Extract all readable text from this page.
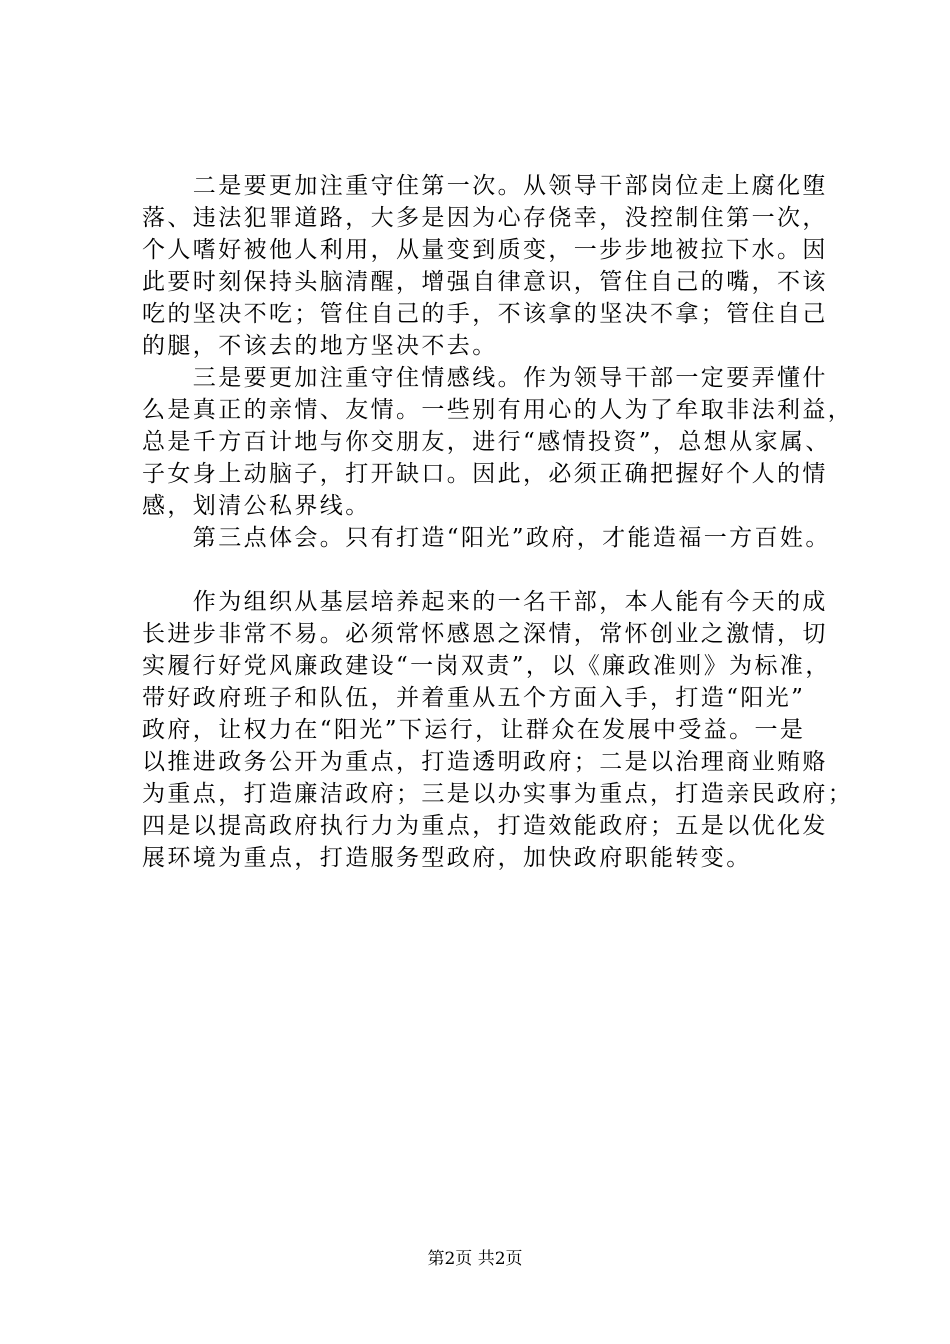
　　二是要更加注重守住第一次。从领导干部岗位走上腐化堕
落、违法犯罪道路，大多是因为心存侥幸，没控制住第一次，
个人嗜好被他人利用，从量变到质变，一步步地被拉下水。因
此要时刻保持头脑清醒，增强自律意识，管住自己的嘴，不该
吃的坚决不吃；管住自己的手，不该拿的坚决不拿；管住自己
的腿，不该去的地方坚决不去。

　　三是要更加注重守住情感线。作为领导干部一定要弄懂什
么是真正的亲情、友情。一些别有用心的人为了牟取非法利益，
总是千方百计地与你交朋友，进行“感情投资”，总想从家属、
子女身上动脑子，打开缺口。因此，必须正确把握好个人的情
感，划清公私界线。

　　第三点体会。只有打造“阳光”政府，才能造福一方百姓。

　　作为组织从基层培养起来的一名干部，本人能有今天的成
长进步非常不易。必须常怀感恩之深情，常怀创业之激情，切
实履行好党风廉政建设“一岗双责”，以《廉政准则》为标准，
带好政府班子和队伍，并着重从五个方面入手，打造“阳光”
政府，让权力在“阳光”下运行，让群众在发展中受益。一是
以推进政务公开为重点，打造透明政府；二是以治理商业贿赂
为重点，打造廉洁政府；三是以办实事为重点，打造亲民政府；
四是以提高政府执行力为重点，打造效能政府；五是以优化发
展环境为重点，打造服务型政府，加快政府职能转变。

第2页 共2页
